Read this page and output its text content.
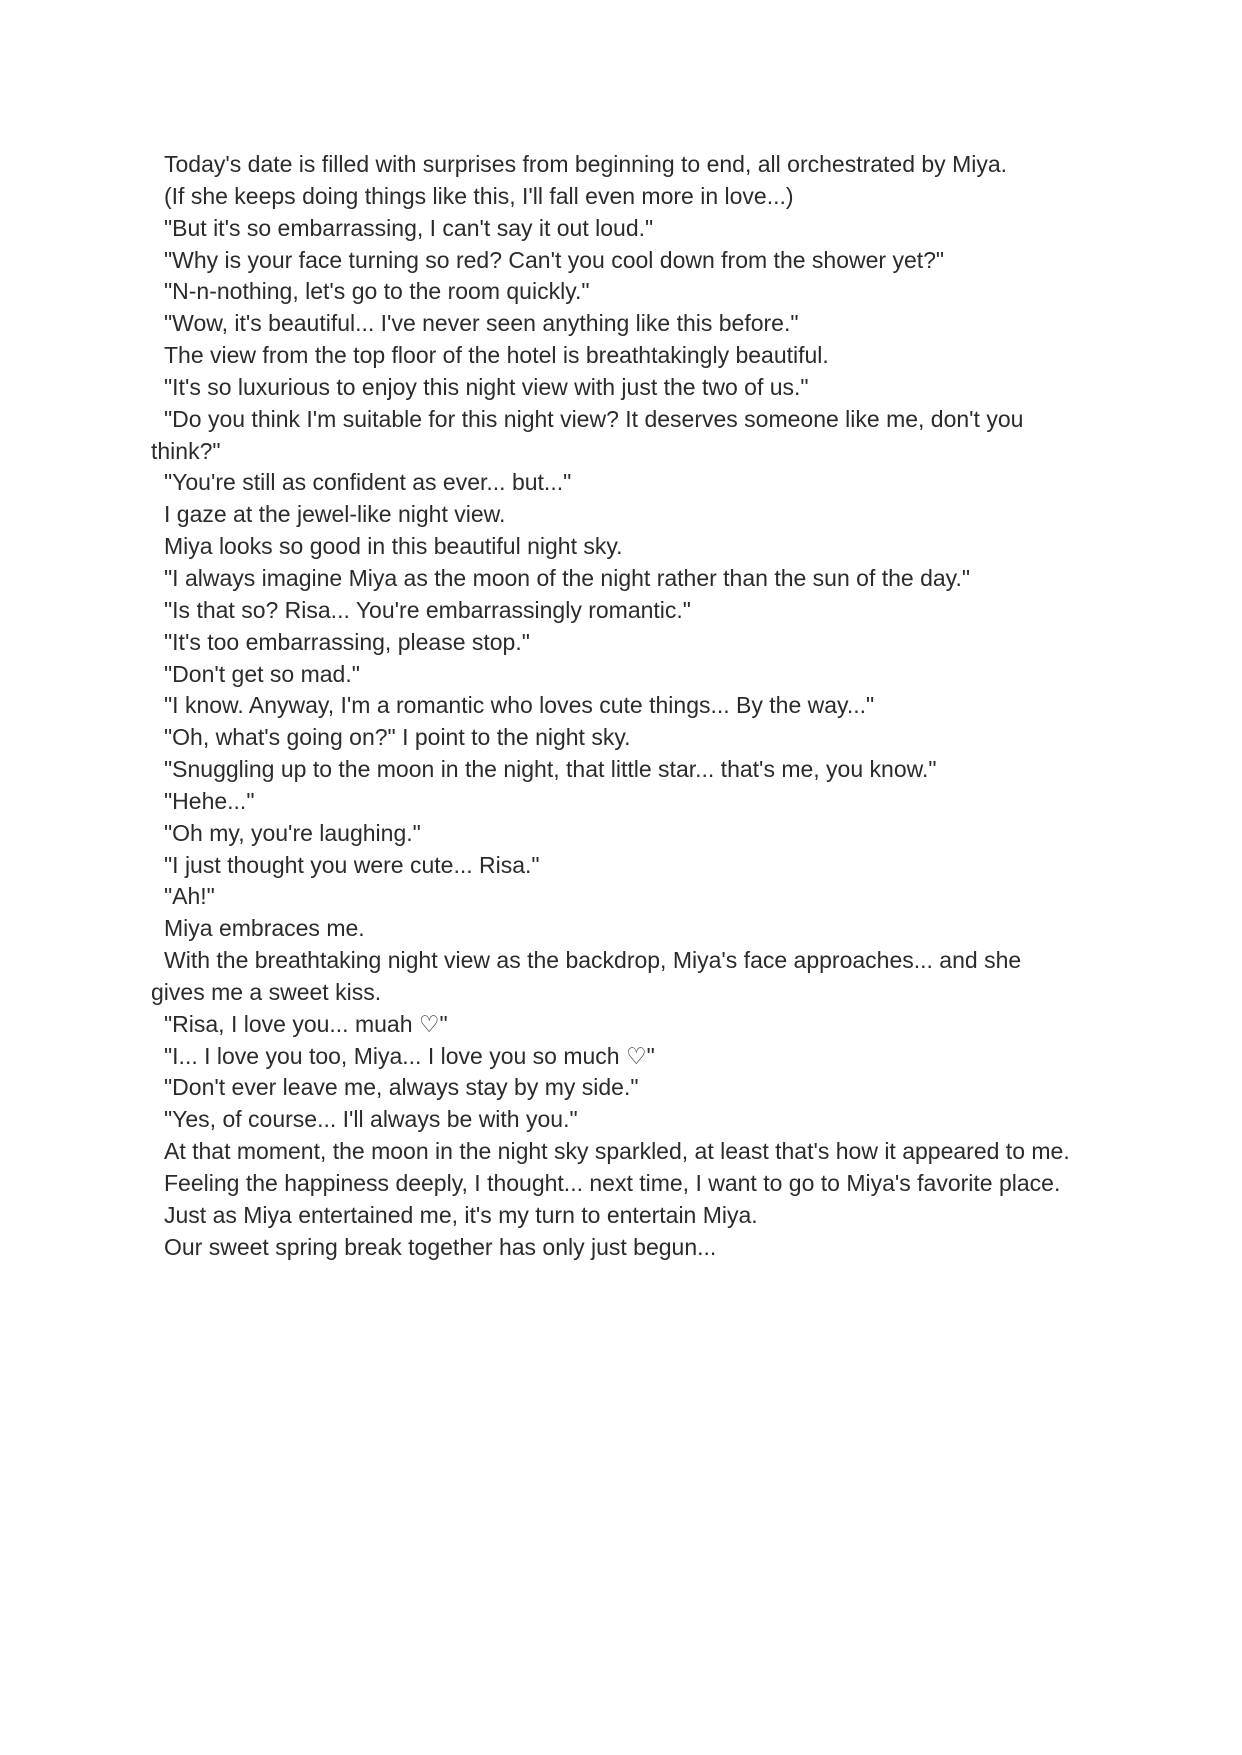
Today's date is filled with surprises from beginning to end, all orchestrated by Miya.

(If she keeps doing things like this, I'll fall even more in love...)

"But it's so embarrassing, I can't say it out loud."

"Why is your face turning so red? Can't you cool down from the shower yet?"

"N-n-nothing, let's go to the room quickly."

"Wow, it's beautiful... I've never seen anything like this before."

The view from the top floor of the hotel is breathtakingly beautiful.

"It's so luxurious to enjoy this night view with just the two of us."

"Do you think I'm suitable for this night view? It deserves someone like me, don't you think?"

"You're still as confident as ever... but..."

I gaze at the jewel-like night view.

Miya looks so good in this beautiful night sky.

"I always imagine Miya as the moon of the night rather than the sun of the day."

"Is that so? Risa... You're embarrassingly romantic."

"It's too embarrassing, please stop."

"Don't get so mad."

"I know. Anyway, I'm a romantic who loves cute things... By the way..."

"Oh, what's going on?" I point to the night sky.

"Snuggling up to the moon in the night, that little star... that's me, you know."

"Hehe..."

"Oh my, you're laughing."

"I just thought you were cute... Risa."

"Ah!"

Miya embraces me.

With the breathtaking night view as the backdrop, Miya's face approaches... and she gives me a sweet kiss.

"Risa, I love you... muah ♡"

"I... I love you too, Miya... I love you so much ♡"

"Don't ever leave me, always stay by my side."

"Yes, of course... I'll always be with you."

At that moment, the moon in the night sky sparkled, at least that's how it appeared to me.

Feeling the happiness deeply, I thought... next time, I want to go to Miya's favorite place.

Just as Miya entertained me, it's my turn to entertain Miya.

Our sweet spring break together has only just begun...
